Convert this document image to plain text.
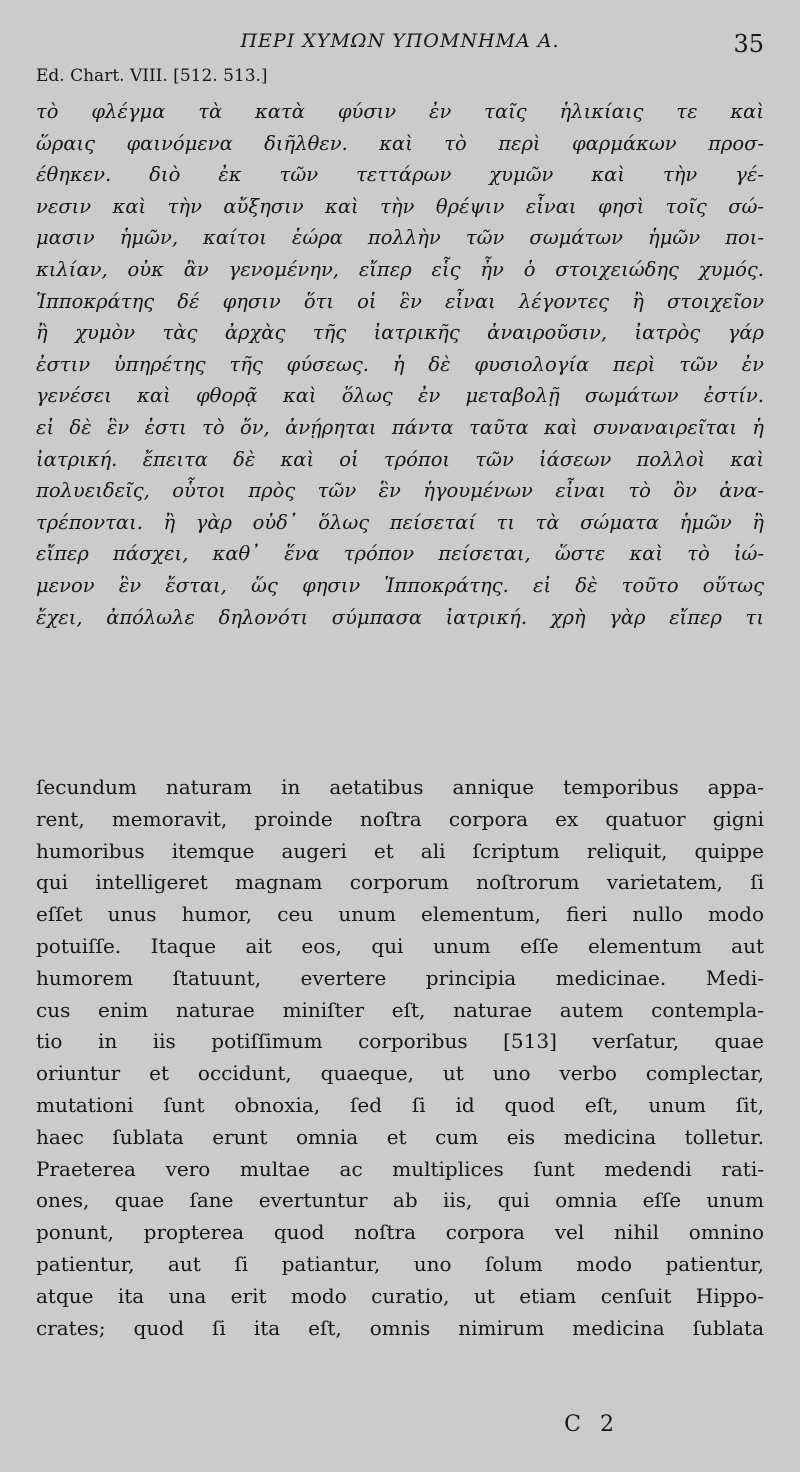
ΠΕΡΙ ΧΥΜΩΝ ΥΠΟΜΝΗΜΑ Α.	35
Ed. Chart. VIII. [512. 513.]
τὸ φλέγμα τὰ κατὰ φύσιν ἐν ταῖς ἡλικίαις τε καὶ
ὥραις φαινόμενα διῆλθεν. καὶ τὸ περὶ φαρμάκων προσ-
έθηκεν. διὸ ἐκ τῶν τεττάρων χυμῶν καὶ τὴν γέ-
νεσιν καὶ τὴν αὔξησιν καὶ τὴν θρέψιν εἶναι φησὶ τοῖς σώ-
μασιν ἡμῶν, καίτοι ἑώρα πολλὴν τῶν σωμάτων ἡμῶν ποι-
κιλίαν, οὐκ ἂν γενομένην, εἴπερ εἷς ἦν ὁ στοιχειώδης χυμός.
Ἱπποκράτης δέ φησιν ὅτι οἱ ἓν εἶναι λέγοντες ἢ στοιχεῖον
ἢ χυμὸν τὰς ἀρχὰς τῆς ἰατρικῆς ἀναιροῦσιν, ἰατρὸς γάρ
ἐστιν ὑπηρέτης τῆς φύσεως. ἡ δὲ φυσιολογία περὶ τῶν ἐν
γενέσει καὶ φθορᾷ καὶ ὅλως ἐν μεταβολῇ σωμάτων ἐστίν.
εἰ δὲ ἓν ἐστι τὸ ὄν, ἀνῄρηται πάντα ταῦτα καὶ συναναιρεῖται ἡ
ἰατρική. ἔπειτα δὲ καὶ οἱ τρόποι τῶν ἰάσεων πολλοὶ καὶ
πολυειδεῖς, οὗτοι πρὸς τῶν ἓν ἡγουμένων εἶναι τὸ ὂν ἀνα-
τρέπονται. ἢ γὰρ οὐδ᾽ ὅλως πείσεταί τι τὰ σώματα ἡμῶν ἢ
εἴπερ πάσχει, καθ᾽ ἕνα τρόπον πείσεται, ὥστε καὶ τὸ ἰώ-
μενον ἓν ἔσται, ὥς φησιν Ἱπποκράτης. εἰ δὲ τοῦτο οὕτως
ἔχει, ἀπόλωλε δηλονότι σύμπασα ἰατρική. χρὴ γὰρ εἴπερ τι
ſecundum naturam in aetatibus annique temporibus appa-
rent, memoravit, proinde noſtra corpora ex quatuor gigni
humoribus itemque augeri et ali ſcriptum reliquit, quippe
qui intelligeret magnam corporum noſtrorum varietatem, ſi
eſſet unus humor, ceu unum elementum, fieri nullo modo
potuiſſe. Itaque ait eos, qui unum eſſe elementum aut
humorem ſtatuunt, evertere principia medicinae. Medi-
cus enim naturae miniſter eſt, naturae autem contempla-
tio in iis potiſſimum corporibus [513] verſatur, quae
oriuntur et occidunt, quaeque, ut uno verbo complectar,
mutationi ſunt obnoxia, ſed ſi id quod eſt, unum ſit,
haec ſublata erunt omnia et cum eis medicina tolletur.
Praeterea vero multae ac multiplices ſunt medendi rati-
ones, quae ſane evertuntur ab iis, qui omnia eſſe unum
ponunt, propterea quod noſtra corpora vel nihil omnino
patientur, aut ſi patiantur, uno ſolum modo patientur,
atque ita una erit modo curatio, ut etiam cenſuit Hippo-
crates; quod ſi ita eſt, omnis nimirum medicina ſublata
C 2
